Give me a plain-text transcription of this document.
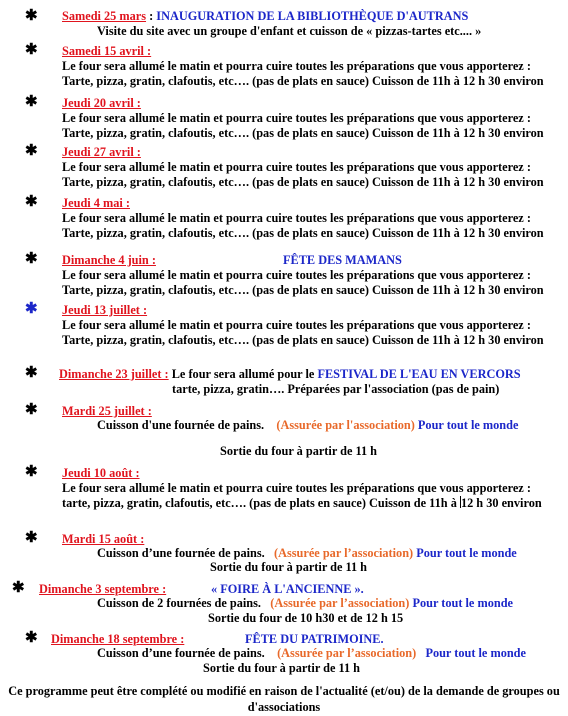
✱ Samedi 25 mars : INAUGURATION DE LA BIBLIOTHÈQUE D'AUTRANS
Visite du site avec un groupe d'enfant et cuisson de « pizzas-tartes etc.... »
✱ Samedi 15 avril :
Le four sera allumé le matin et pourra cuire toutes les préparations que vous apporterez :
Tarte, pizza, gratin, clafoutis, etc…. (pas de plats en sauce) Cuisson de 11h à 12 h 30 environ
✱ Jeudi 20 avril :
Le four sera allumé le matin et pourra cuire toutes les préparations que vous apporterez :
Tarte, pizza, gratin, clafoutis, etc…. (pas de plats en sauce) Cuisson de 11h à 12 h 30 environ
✱ Jeudi 27 avril :
Le four sera allumé le matin et pourra cuire toutes les préparations que vous apporterez :
Tarte, pizza, gratin, clafoutis, etc…. (pas de plats en sauce) Cuisson de 11h à 12 h 30 environ
✱ Jeudi 4 mai :
Le four sera allumé le matin et pourra cuire toutes les préparations que vous apporterez :
Tarte, pizza, gratin, clafoutis, etc…. (pas de plats en sauce) Cuisson de 11h à 12 h 30 environ
✱ Dimanche 4 juin :	FÊTE DES MAMANS
Le four sera allumé le matin et pourra cuire toutes les préparations que vous apporterez :
Tarte, pizza, gratin, clafoutis, etc…. (pas de plats en sauce) Cuisson de 11h à 12 h 30 environ
✱ Jeudi 13 juillet :
Le four sera allumé le matin et pourra cuire toutes les préparations que vous apporterez :
Tarte, pizza, gratin, clafoutis, etc…. (pas de plats en sauce) Cuisson de 11h à 12 h 30 environ
✱ Dimanche 23 juillet : Le four sera allumé pour le FESTIVAL DE L'EAU EN VERCORS
tarte, pizza, gratin…. Préparées par l'association (pas de pain)
✱ Mardi 25 juillet :
Cuisson d'une fournée de pains. (Assurée par l'association) Pour tout le monde
Sortie du four à partir de 11 h
✱ Jeudi 10 août :
Le four sera allumé le matin et pourra cuire toutes les préparations que vous apporterez :
tarte, pizza, gratin, clafoutis, etc…. (pas de plats en sauce) Cuisson de 11h à 12 h 30 environ
✱ Mardi 15 août :
Cuisson d’une fournée de pains. (Assurée par l’association) Pour tout le monde
Sortie du four à partir de 11 h
✱ Dimanche 3 septembre :	« FOIRE À L'ANCIENNE ».
Cuisson de 2 fournées de pains. (Assurée par l’association) Pour tout le monde
Sortie du four de 10 h30 et de 12 h 15
✱ Dimanche 18 septembre :	FÊTE DU PATRIMOINE.
Cuisson d’une fournée de pains. (Assurée par l’association) Pour tout le monde
Sortie du four à partir de 11 h
Ce programme peut être complété ou modifié en raison de l'actualité (et/ou) de la demande de groupes ou d'associations
